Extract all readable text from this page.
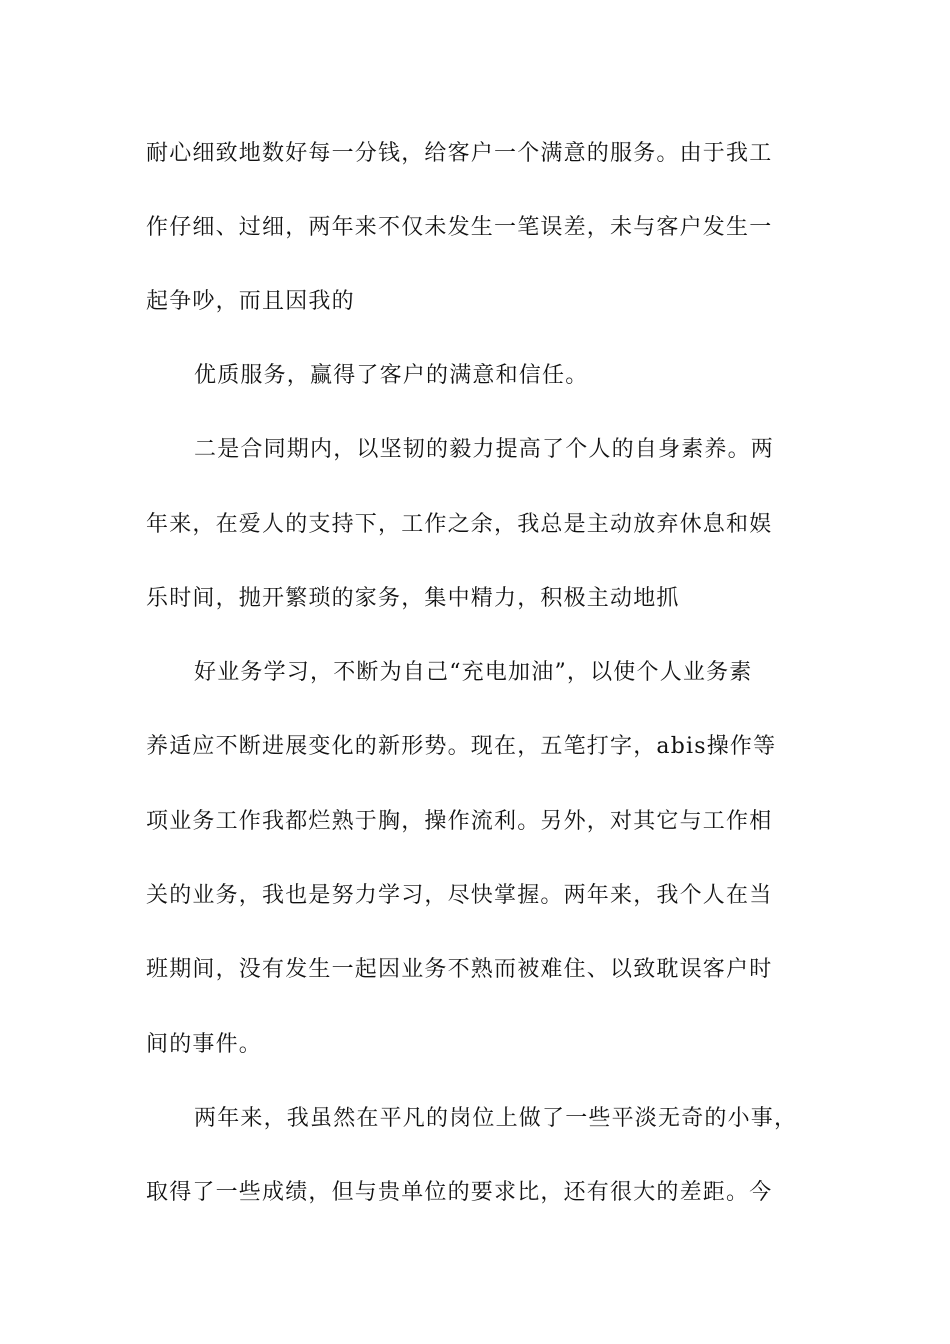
耐心细致地数好每一分钱，给客户一个满意的服务。由于我工
作仔细、过细，两年来不仅未发生一笔误差，未与客户发生一
起争吵，而且因我的
优质服务，赢得了客户的满意和信任。
二是合同期内，以坚韧的毅力提高了个人的自身素养。两
年来，在爱人的支持下，工作之余，我总是主动放弃休息和娱
乐时间，抛开繁琐的家务，集中精力，积极主动地抓
好业务学习，不断为自己“充电加油”，以使个人业务素
养适应不断进展变化的新形势。现在，五笔打字，abis操作等
项业务工作我都烂熟于胸，操作流利。另外，对其它与工作相
关的业务，我也是努力学习，尽快掌握。两年来，我个人在当
班期间，没有发生一起因业务不熟而被难住、以致耽误客户时
间的事件。
两年来，我虽然在平凡的岗位上做了一些平淡无奇的小事，
取得了一些成绩，但与贵单位的要求比，还有很大的差距。今
